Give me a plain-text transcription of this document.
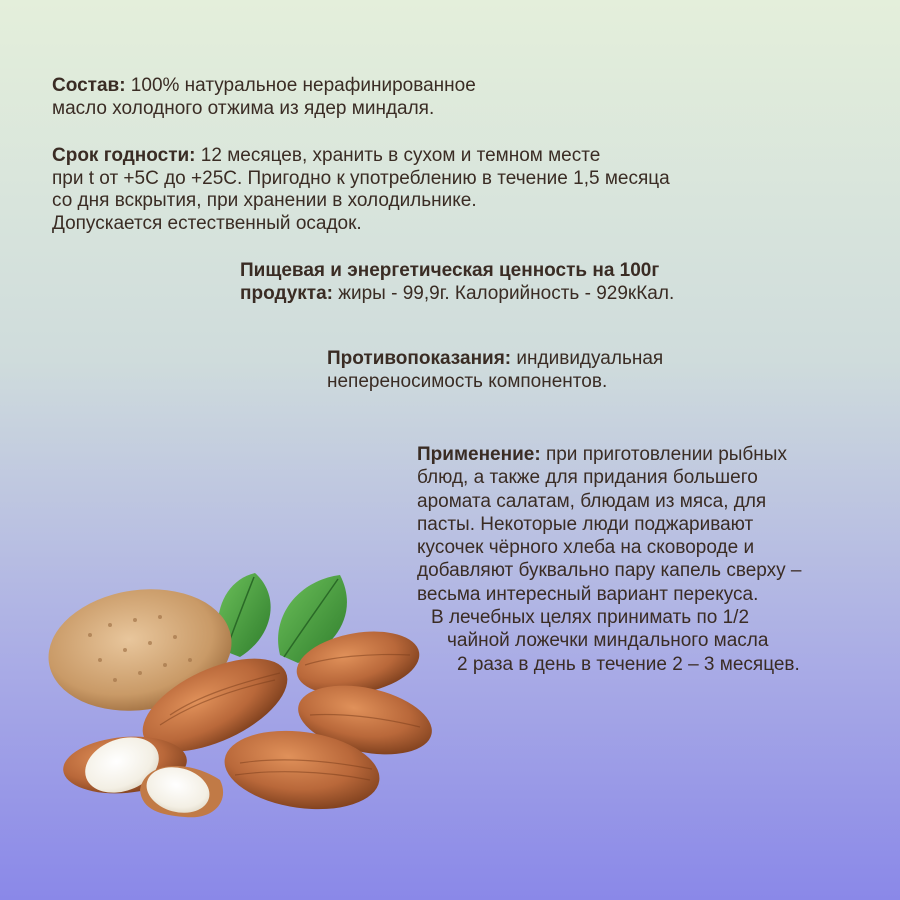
Состав: 100% натуральное нерафинированное
масло холодного отжима из ядер миндаля.
Срок годности: 12 месяцев, хранить в сухом и темном месте
при t от +5С до +25С. Пригодно к употреблению в течение 1,5 месяца
со дня вскрытия, при хранении в холодильнике.
Допускается естественный осадок.
Пищевая и энергетическая ценность на 100г
продукта: жиры - 99,9г. Калорийность - 929кКал.
Противопоказания: индивидуальная
непереносимость компонентов.
Применение: при приготовлении рыбных
блюд, а также для придания большего
аромата салатам, блюдам из мяса, для
пасты. Некоторые люди поджаривают
кусочек чёрного хлеба на сковороде и
добавляют буквально пару капель сверху –
весьма интересный вариант перекуса.
В лечебных целях принимать по 1/2
чайной ложечки миндального масла
2 раза в день в течение 2 – 3 месяцев.
